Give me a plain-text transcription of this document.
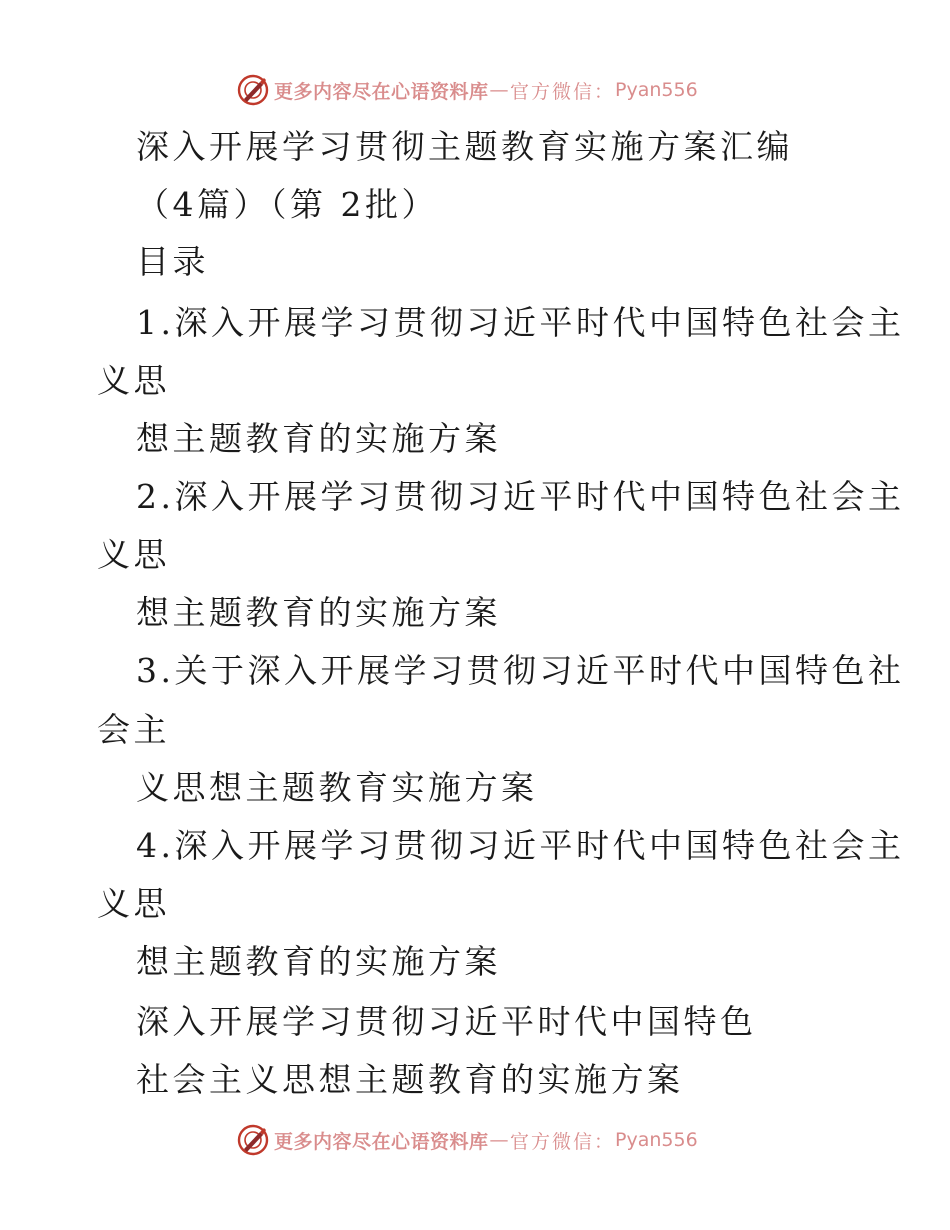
更多内容尽在心语资料库 — 官方微信： Pyan556
深入开展学习贯彻主题教育实施方案汇编
（4篇）（第 2批）
目录
1.深入开展学习贯彻习近平时代中国特色社会主
义思
想主题教育的实施方案
2.深入开展学习贯彻习近平时代中国特色社会主
义思
想主题教育的实施方案
3.关于深入开展学习贯彻习近平时代中国特色社
会主
义思想主题教育实施方案
4.深入开展学习贯彻习近平时代中国特色社会主
义思
想主题教育的实施方案
深入开展学习贯彻习近平时代中国特色
社会主义思想主题教育的实施方案
更多内容尽在心语资料库 — 官方微信： Pyan556
